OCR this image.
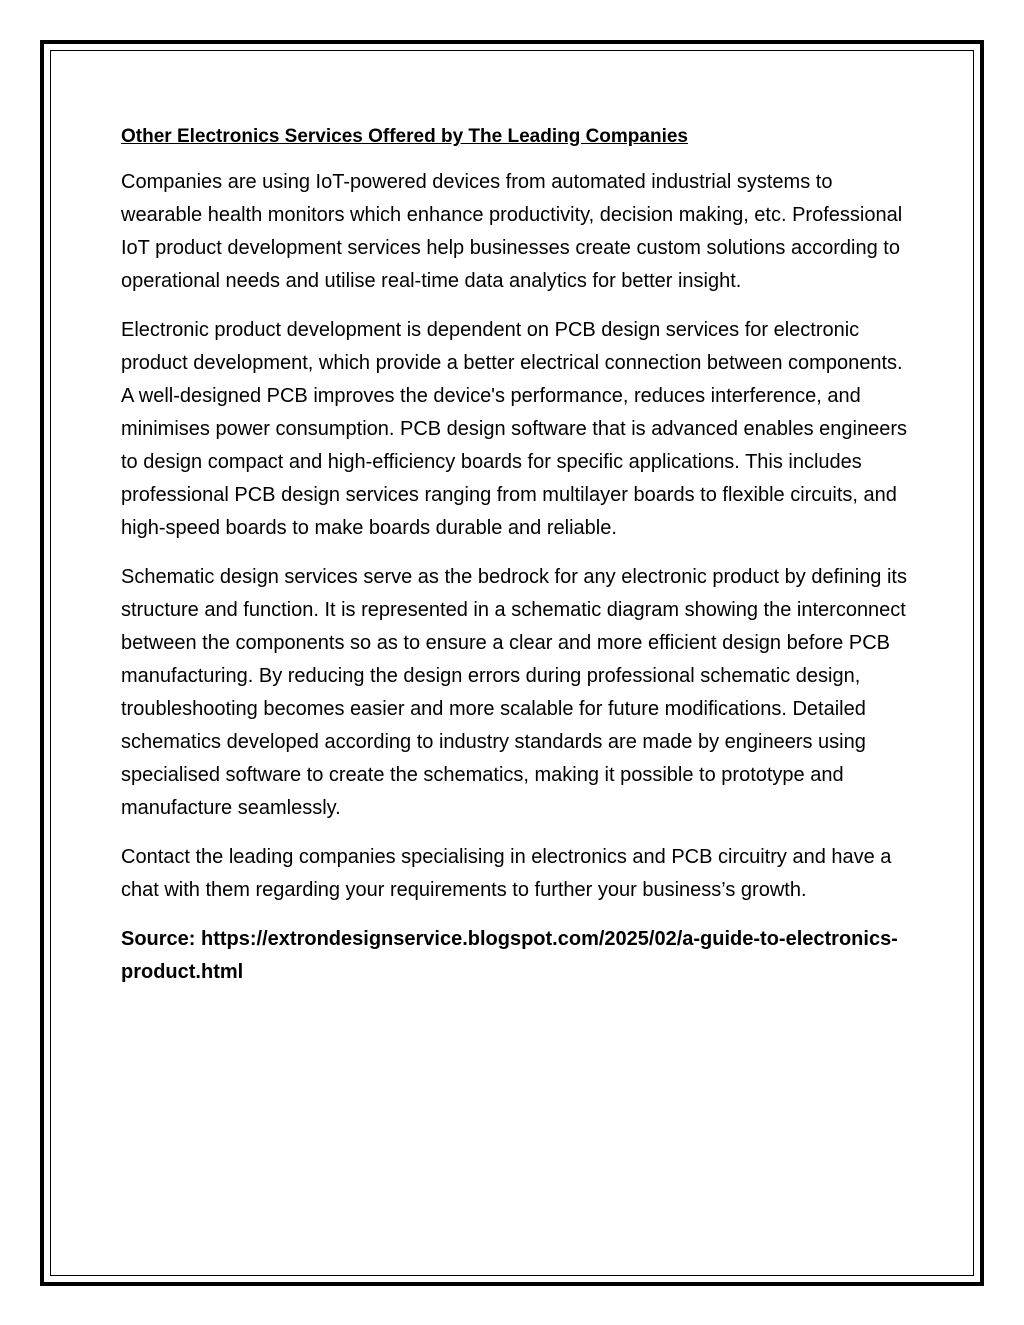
Other Electronics Services Offered by The Leading Companies

Companies are using IoT-powered devices from automated industrial systems to wearable health monitors which enhance productivity, decision making, etc. Professional IoT product development services help businesses create custom solutions according to operational needs and utilise real-time data analytics for better insight.

Electronic product development is dependent on PCB design services for electronic product development, which provide a better electrical connection between components. A well-designed PCB improves the device's performance, reduces interference, and minimises power consumption. PCB design software that is advanced enables engineers to design compact and high-efficiency boards for specific applications. This includes professional PCB design services ranging from multilayer boards to flexible circuits, and high-speed boards to make boards durable and reliable.

Schematic design services serve as the bedrock for any electronic product by defining its structure and function. It is represented in a schematic diagram showing the interconnect between the components so as to ensure a clear and more efficient design before PCB manufacturing. By reducing the design errors during professional schematic design, troubleshooting becomes easier and more scalable for future modifications. Detailed schematics developed according to industry standards are made by engineers using specialised software to create the schematics, making it possible to prototype and manufacture seamlessly.

Contact the leading companies specialising in electronics and PCB circuitry and have a chat with them regarding your requirements to further your business’s growth.

Source: https://extrondesignservice.blogspot.com/2025/02/a-guide-to-electronics-product.html
